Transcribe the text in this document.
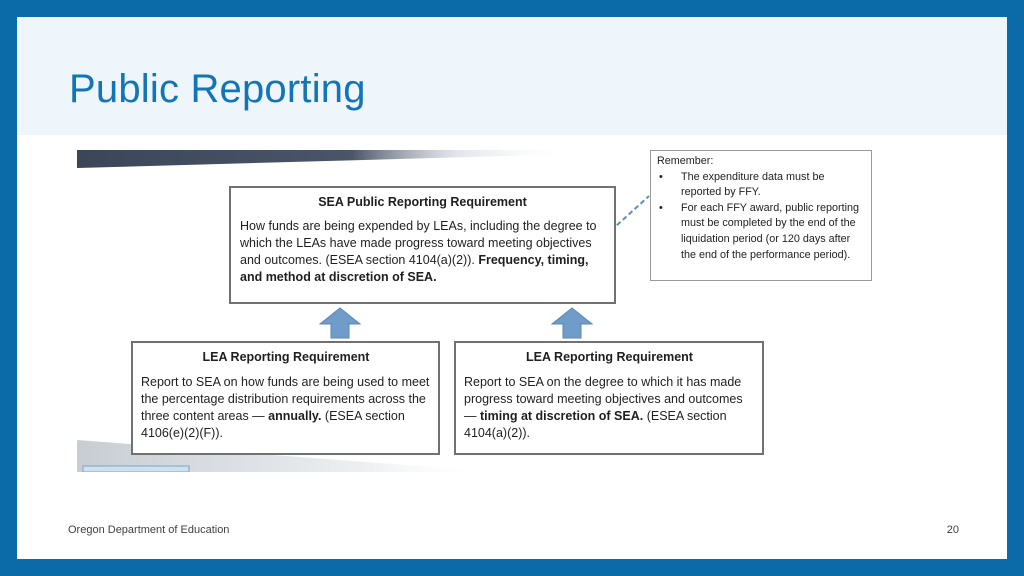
Public Reporting
SEA Public Reporting Requirement

How funds are being expended by LEAs, including the degree to which the LEAs have made progress toward meeting objectives and outcomes. (ESEA section 4104(a)(2)). Frequency, timing, and method at discretion of SEA.

Remember:
• The expenditure data must be reported by FFY.
• For each FFY award, public reporting must be completed by the end of the liquidation period (or 120 days after the end of the performance period).
LEA Reporting Requirement

Report to SEA on how funds are being used to meet the percentage distribution requirements across the three content areas — annually. (ESEA section 4106(e)(2)(F)).

LEA Reporting Requirement

Report to SEA on the degree to which it has made progress toward meeting objectives and outcomes — timing at discretion of SEA. (ESEA section 4104(a)(2)).

Oregon Department of Education	20
